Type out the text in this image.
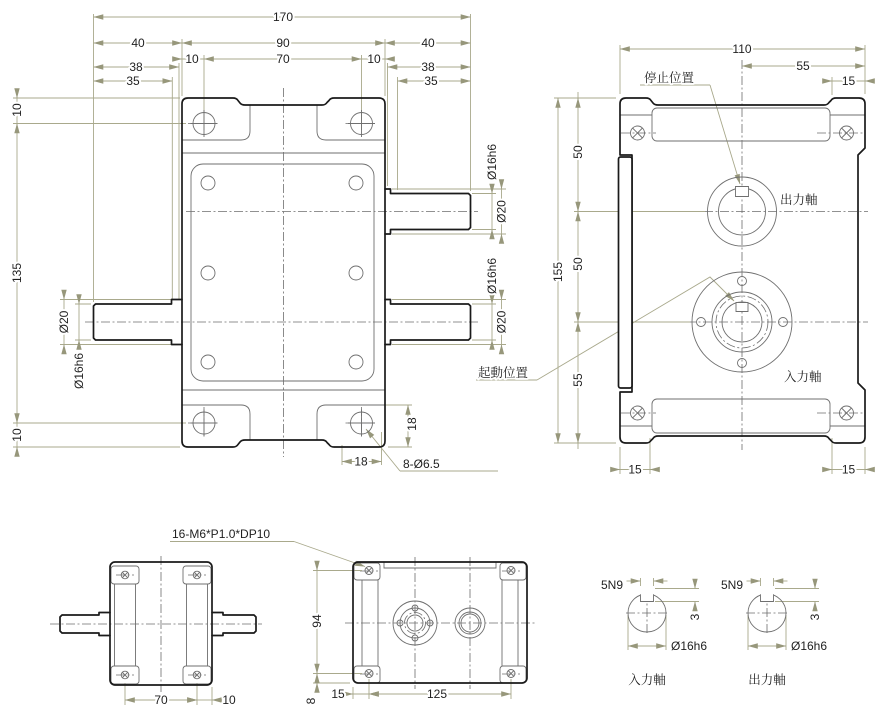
170
40	90	40
10	70	10
38
35
38
35
10
135
10
Ø20
Ø16h6
Ø16h6
Ø20
Ø16h6
Ø20
18
18	8-Ø6.5
110
55
15
50
50
55
155
15	15
停止位置
起動位置
出力軸
入力軸
70	10
94
8 15	125
16-M6*P1.0*DP10
5N9
3
Ø16h6
入力軸
5N9
3
Ø16h6
出力軸
